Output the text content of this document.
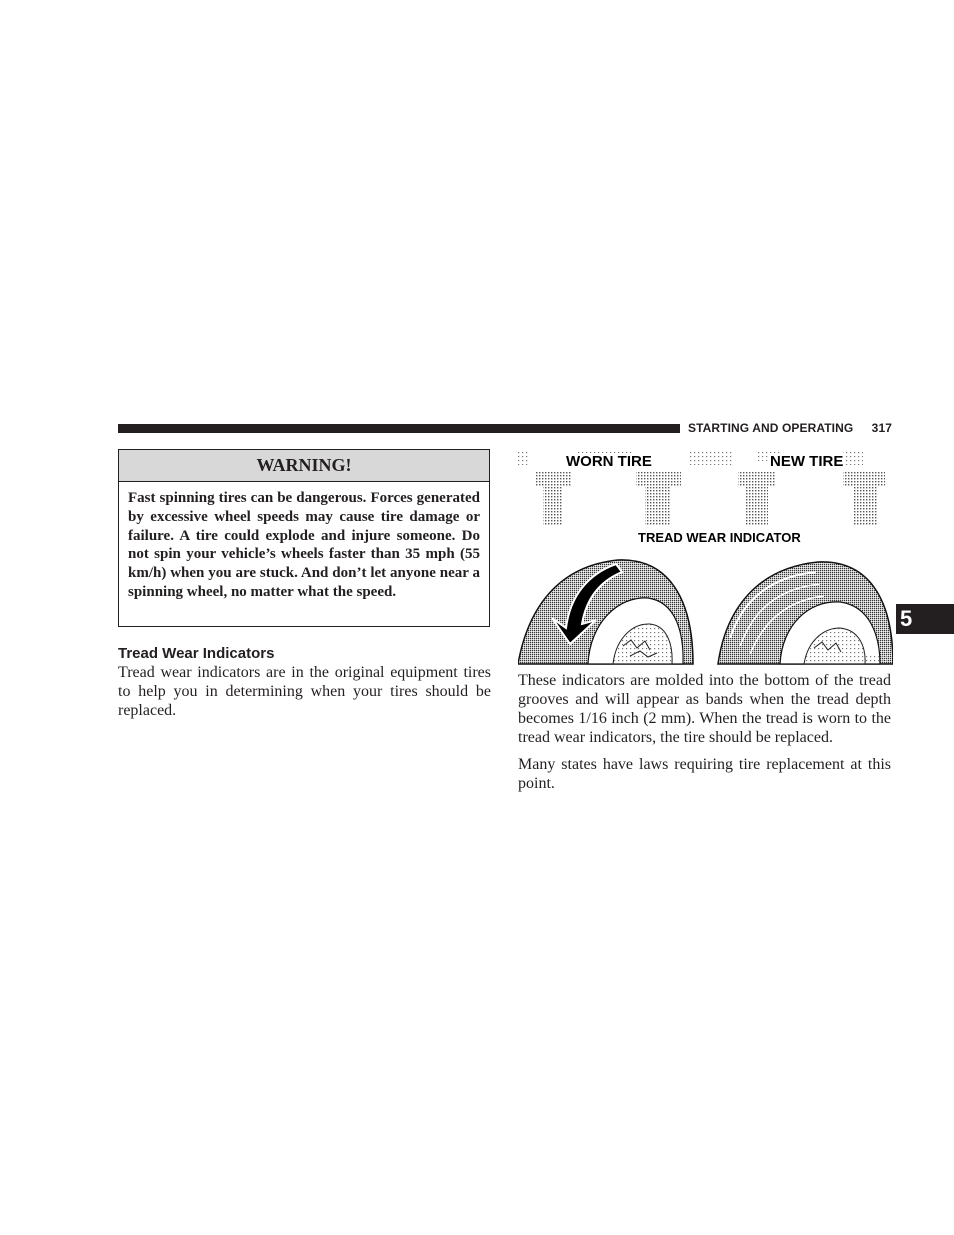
STARTING AND OPERATING 317
WARNING!
Fast spinning tires can be dangerous. Forces generated by excessive wheel speeds may cause tire damage or failure. A tire could explode and injure someone. Do not spin your vehicle’s wheels faster than 35 mph (55 km/h) when you are stuck. And don’t let anyone near a spinning wheel, no matter what the speed.
Tread Wear Indicators
Tread wear indicators are in the original equipment tires to help you in determining when your tires should be replaced.
WORN TIRE	NEW TIRE
TREAD WEAR INDICATOR
These indicators are molded into the bottom of the tread grooves and will appear as bands when the tread depth becomes 1/16 inch (2 mm). When the tread is worn to the tread wear indicators, the tire should be replaced.
Many states have laws requiring tire replacement at this point.
5
